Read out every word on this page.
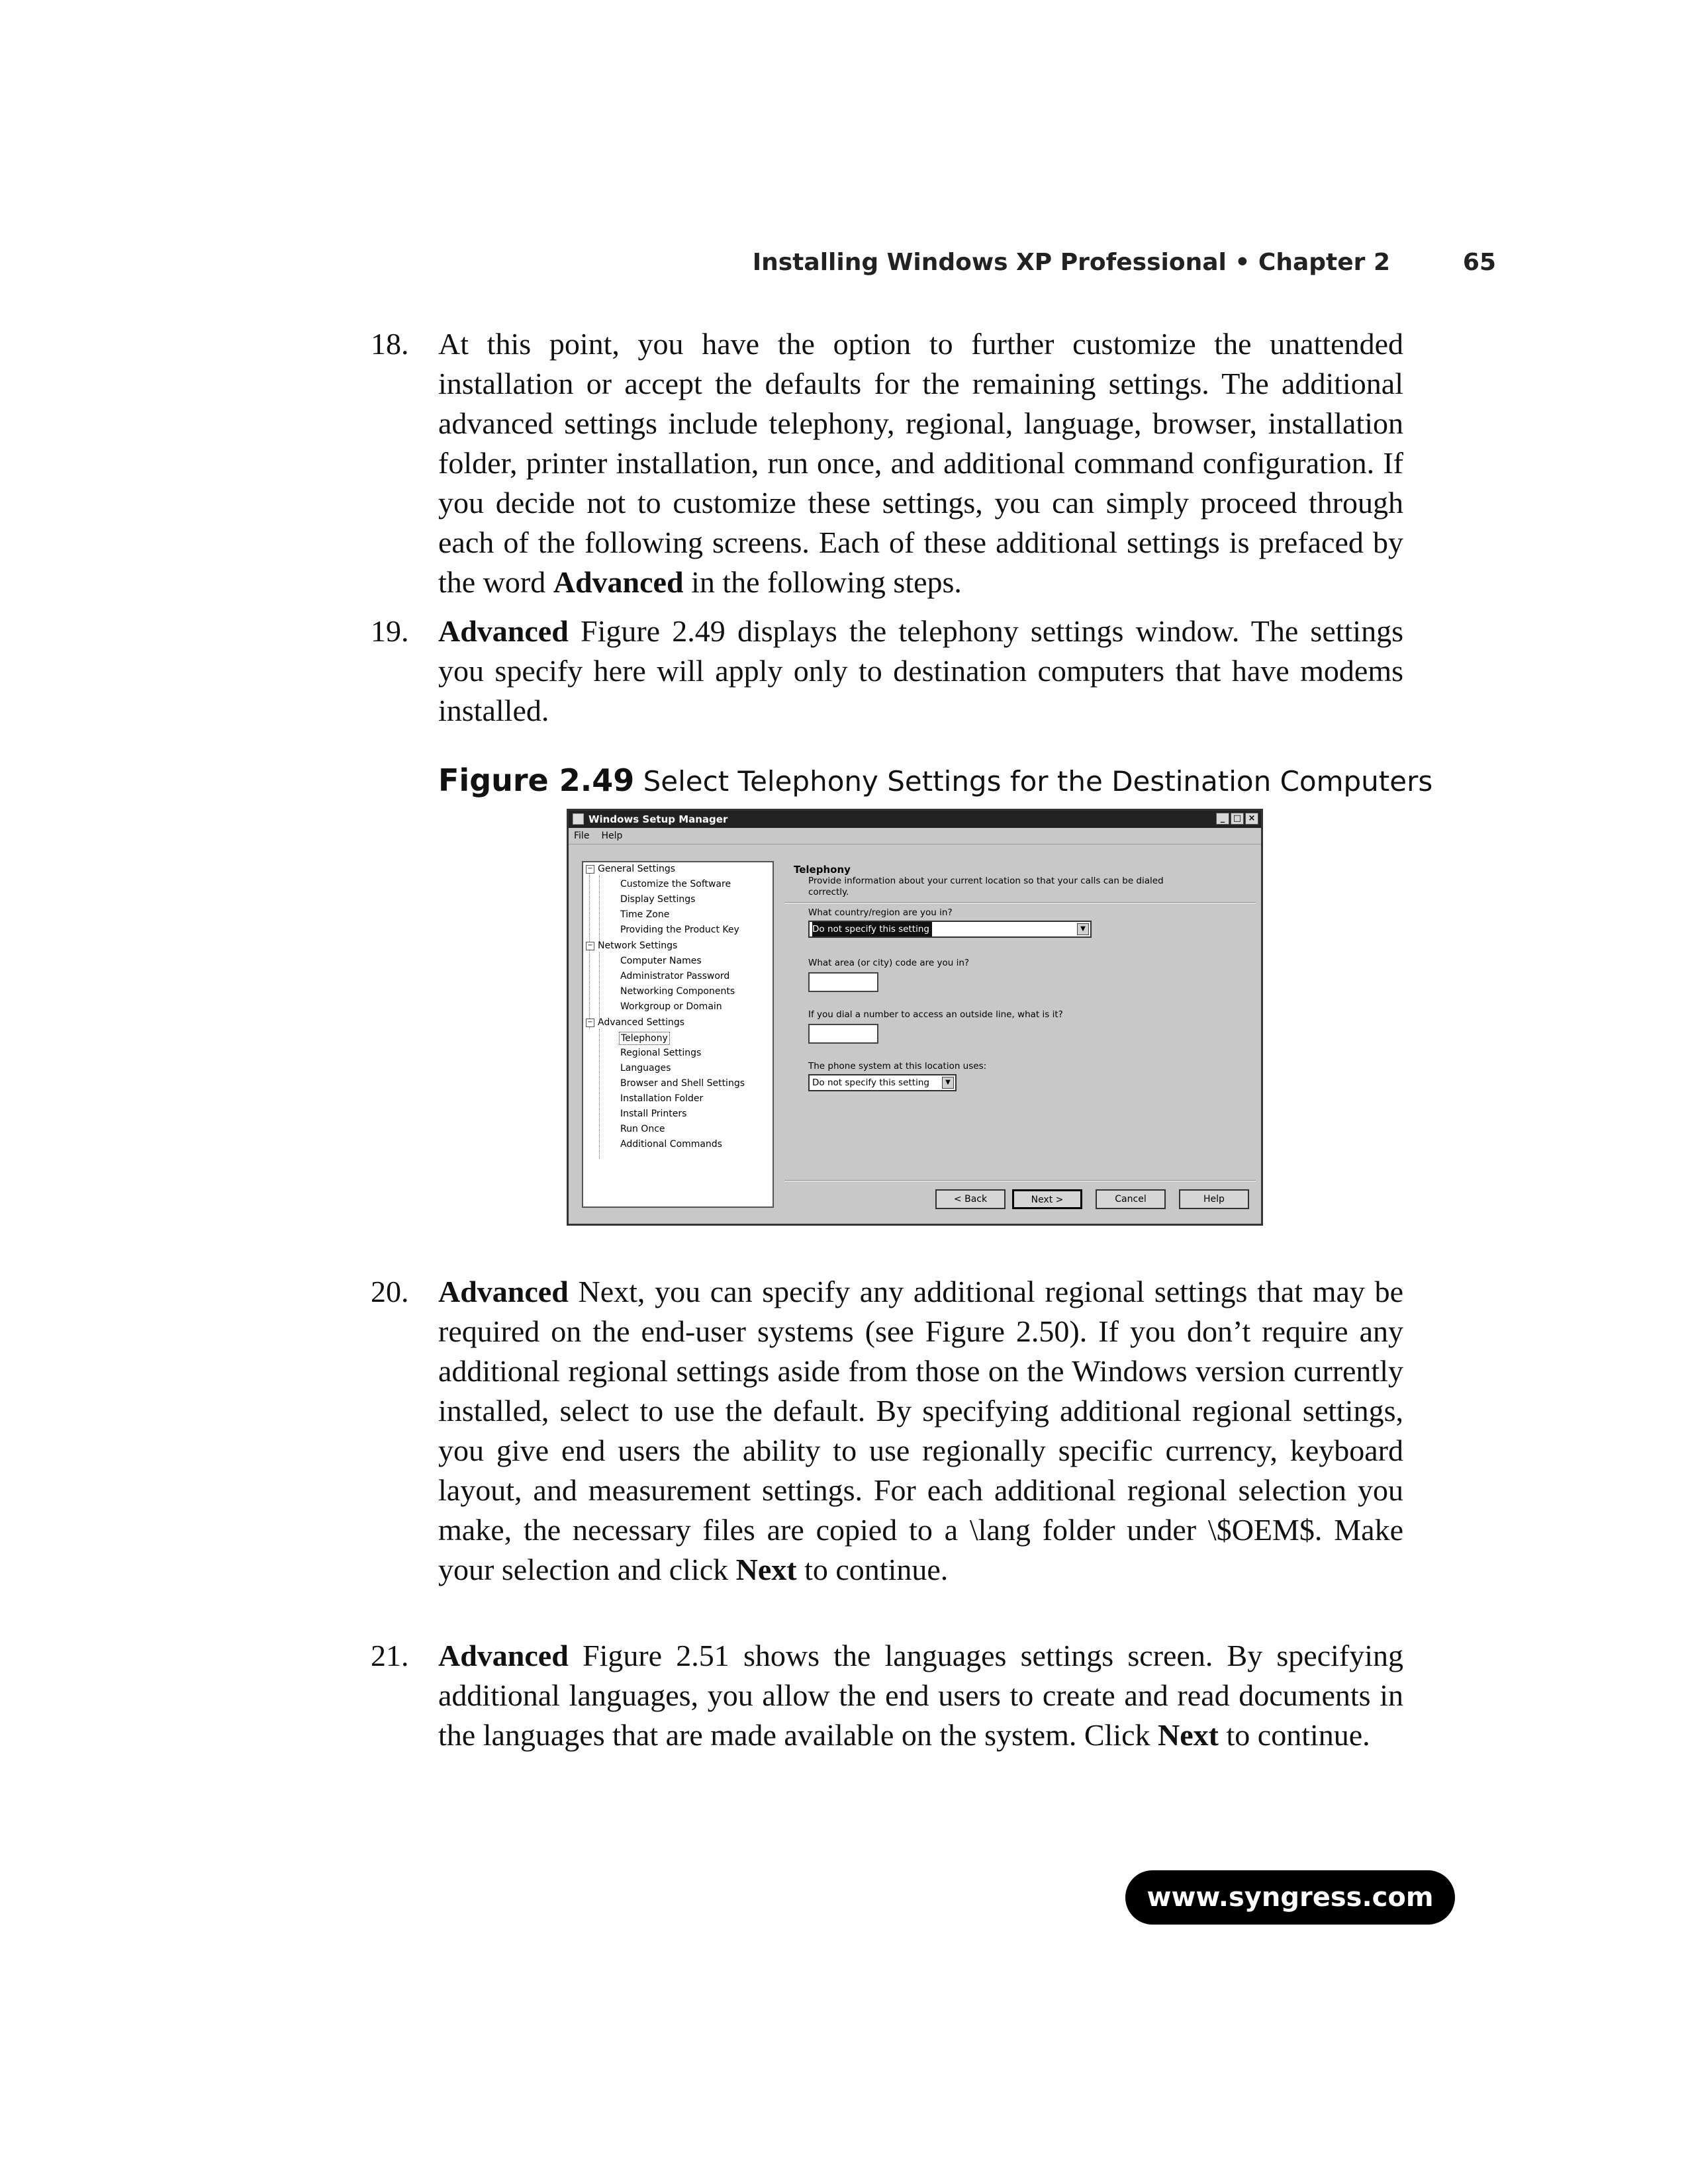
Installing Windows XP Professional • Chapter 2	65
18. At this point, you have the option to further customize the unattended installation or accept the defaults for the remaining settings. The additional advanced settings include telephony, regional, language, browser, installation folder, printer installation, run once, and additional command configuration. If you decide not to customize these settings, you can simply proceed through each of the following screens. Each of these additional settings is prefaced by the word Advanced in the following steps.
19. Advanced Figure 2.49 displays the telephony settings window. The settings you specify here will apply only to destination computers that have modems installed.
Figure 2.49 Select Telephony Settings for the Destination Computers
Windows Setup Manager	_ □ ×
File Help
− General Settings
Customize the Software
Display Settings
Time Zone
Providing the Product Key
− Network Settings
Computer Names
Administrator Password
Networking Components
Workgroup or Domain
− Advanced Settings
Telephony
Regional Settings
Languages
Browser and Shell Settings
Installation Folder
Install Printers
Run Once
Additional Commands
Telephony
Provide information about your current location so that your calls can be dialed correctly.
What country/region are you in?
Do not specify this setting	▼
What area (or city) code are you in?
If you dial a number to access an outside line, what is it?
The phone system at this location uses:
Do not specify this setting	▼
< Back	Next >	Cancel	Help
20. Advanced Next, you can specify any additional regional settings that may be required on the end-user systems (see Figure 2.50). If you don’t require any additional regional settings aside from those on the Windows version currently installed, select to use the default. By specifying additional regional settings, you give end users the ability to use regionally specific currency, keyboard layout, and measurement settings. For each additional regional selection you make, the necessary files are copied to a \lang folder under \$OEM$. Make your selection and click Next to continue.
21. Advanced Figure 2.51 shows the languages settings screen. By specifying additional languages, you allow the end users to create and read documents in the languages that are made available on the system. Click Next to continue.
www.syngress.com
